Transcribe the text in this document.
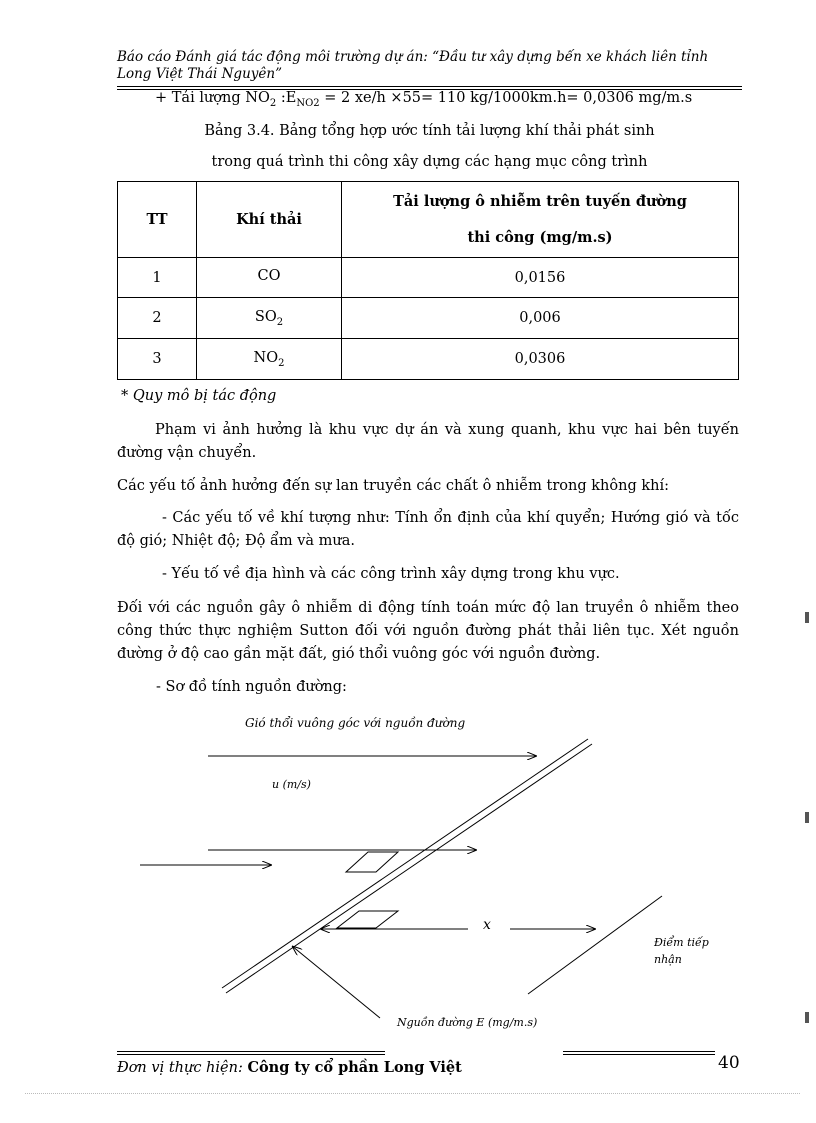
Báo cáo Đánh giá tác động môi trường dự án: “Đầu tư xây dựng bến xe khách liên tỉnh Long Việt Thái Nguyên”
+ Tải lượng $NO_2$ $:E_{NO2} = 2$ xe/h ×55= 110 kg/1000km.h= 0,0306 mg/m.s
Bảng 3.4. Bảng tổng hợp ước tính tải lượng khí thải phát sinh
trong quá trình thi công xây dựng các hạng mục công trình
TT	Khí thải	Tải lượng ô nhiễm trên tuyến đường
thi công (mg/m.s)

1	CO	0,0156
2	$SO_2$	0,006
3	$NO_2$	0,0306
* Quy mô bị tác động
Phạm vi ảnh hưởng là khu vực dự án và xung quanh, khu vực hai bên tuyến đường vận chuyển.
Các yếu tố ảnh hưởng đến sự lan truyền các chất ô nhiễm trong không khí:
- Các yếu tố về khí tượng như: Tính ổn định của khí quyển; Hướng gió và tốc độ gió; Nhiệt độ; Độ ẩm và mưa.
- Yếu tố về địa hình và các công trình xây dựng trong khu vực.
Đối với các nguồn gây ô nhiễm di động tính toán mức độ lan truyền ô nhiễm theo công thức thực nghiệm Sutton đối với nguồn đường phát thải liên tục. Xét nguồn đường ở độ cao gần mặt đất, gió thổi vuông góc với nguồn đường.
- Sơ đồ tính nguồn đường:
Gió thổi vuông góc với nguồn đường
u (m/s)
x
Điểm tiếp
nhận
Nguồn đường E (mg/m.s)
Đơn vị thực hiện: Công ty cổ phần Long Việt	40
